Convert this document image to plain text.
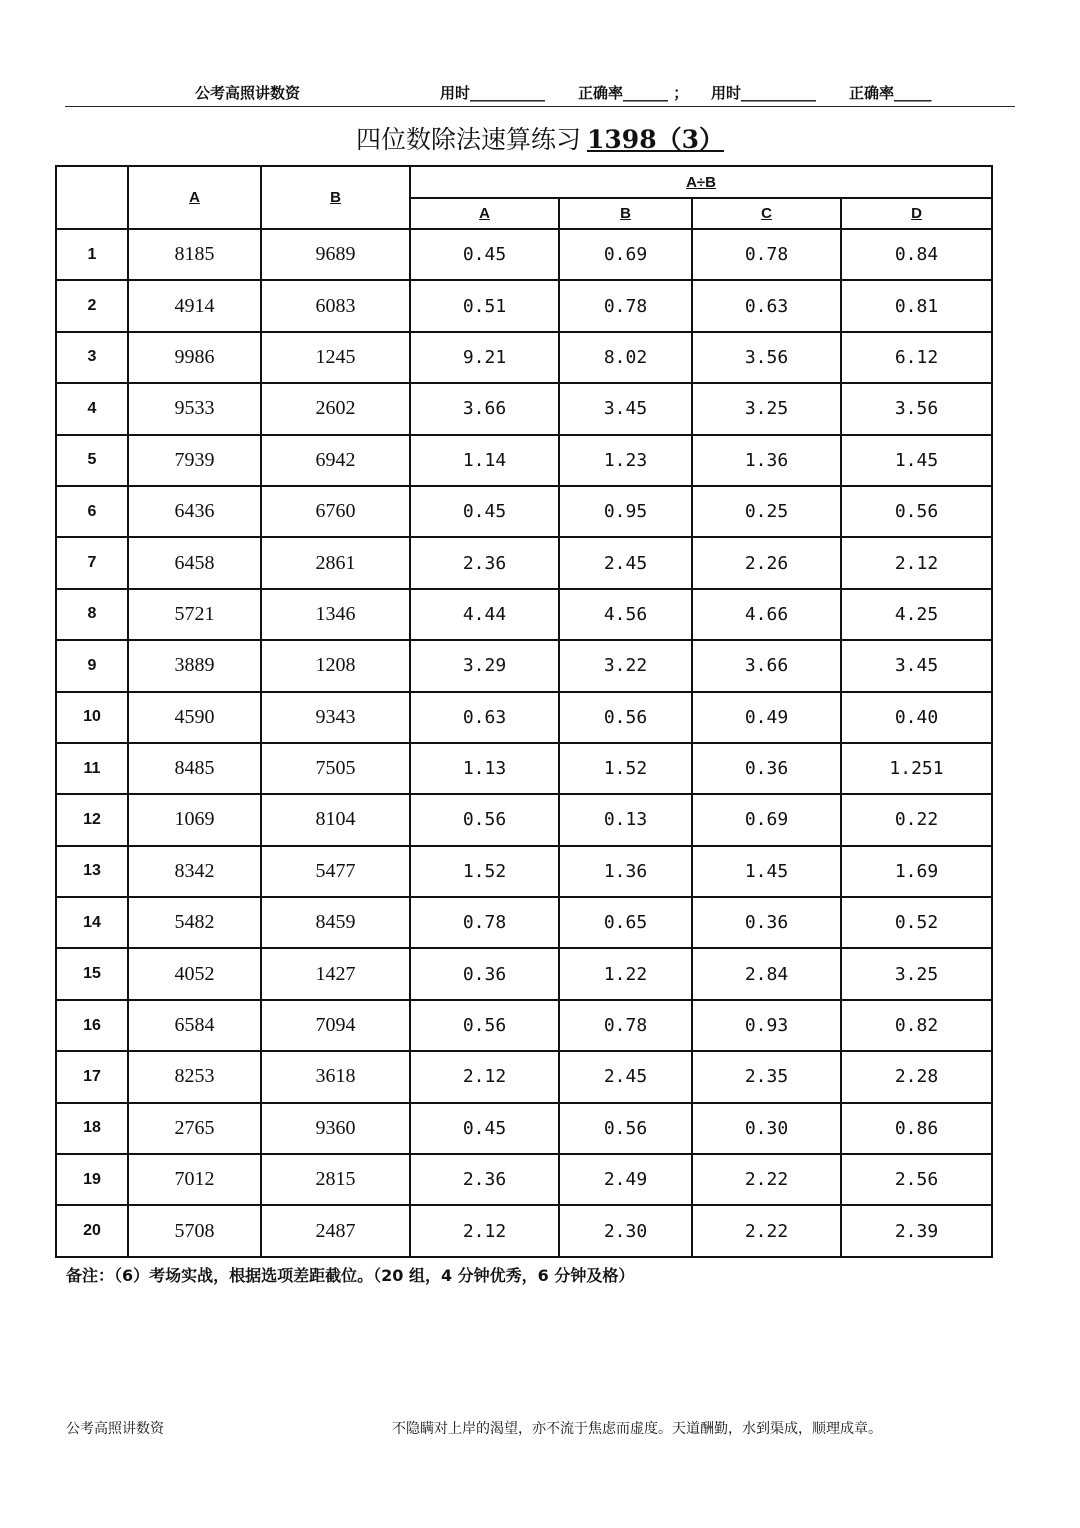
公考高照讲数资	用时__________ 正确率______ ； 用时__________ 正确率_____
四位数除法速算练习 1398（3）
	A	B	A÷B			
			A	B	C	D
1	8185	9689	0.45	0.69	0.78	0.84
2	4914	6083	0.51	0.78	0.63	0.81
3	9986	1245	9.21	8.02	3.56	6.12
4	9533	2602	3.66	3.45	3.25	3.56
5	7939	6942	1.14	1.23	1.36	1.45
6	6436	6760	0.45	0.95	0.25	0.56
7	6458	2861	2.36	2.45	2.26	2.12
8	5721	1346	4.44	4.56	4.66	4.25
9	3889	1208	3.29	3.22	3.66	3.45
10	4590	9343	0.63	0.56	0.49	0.40
11	8485	7505	1.13	1.52	0.36	1.251
12	1069	8104	0.56	0.13	0.69	0.22
13	8342	5477	1.52	1.36	1.45	1.69
14	5482	8459	0.78	0.65	0.36	0.52
15	4052	1427	0.36	1.22	2.84	3.25
16	6584	7094	0.56	0.78	0.93	0.82
17	8253	3618	2.12	2.45	2.35	2.28
18	2765	9360	0.45	0.56	0.30	0.86
19	7012	2815	2.36	2.49	2.22	2.56
20	5708	2487	2.12	2.30	2.22	2.39
备注：（6）考场实战，根据选项差距截位。（20 组，4 分钟优秀，6 分钟及格）
公考高照讲数资	不隐瞒对上岸的渴望，亦不流于焦虑而虚度。天道酬勤，水到渠成，顺理成章。
